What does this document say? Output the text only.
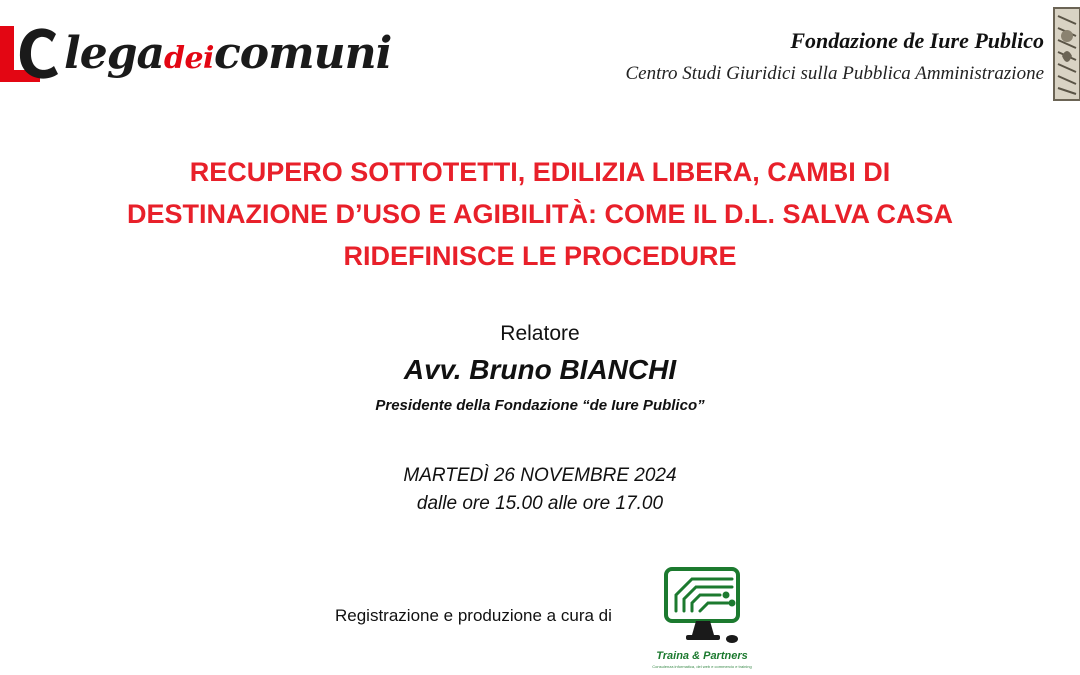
legadeicomuni	Fondazione de Iure Publico
Centro Studi Giuridici sulla Pubblica Amministrazione
RECUPERO SOTTOTETTI, EDILIZIA LIBERA, CAMBI DI
DESTINAZIONE D’USO E AGIBILITÀ: COME IL D.L. SALVA CASA
RIDEFINISCE LE PROCEDURE
Relatore
Avv. Bruno BIANCHI
Presidente della Fondazione “de Iure Publico”
MARTEDÌ 26 NOVEMBRE 2024
dalle ore 15.00 alle ore 17.00
Registrazione e produzione a cura di
Traina & Partners
Consulenza informatica, del web e commercio e training
